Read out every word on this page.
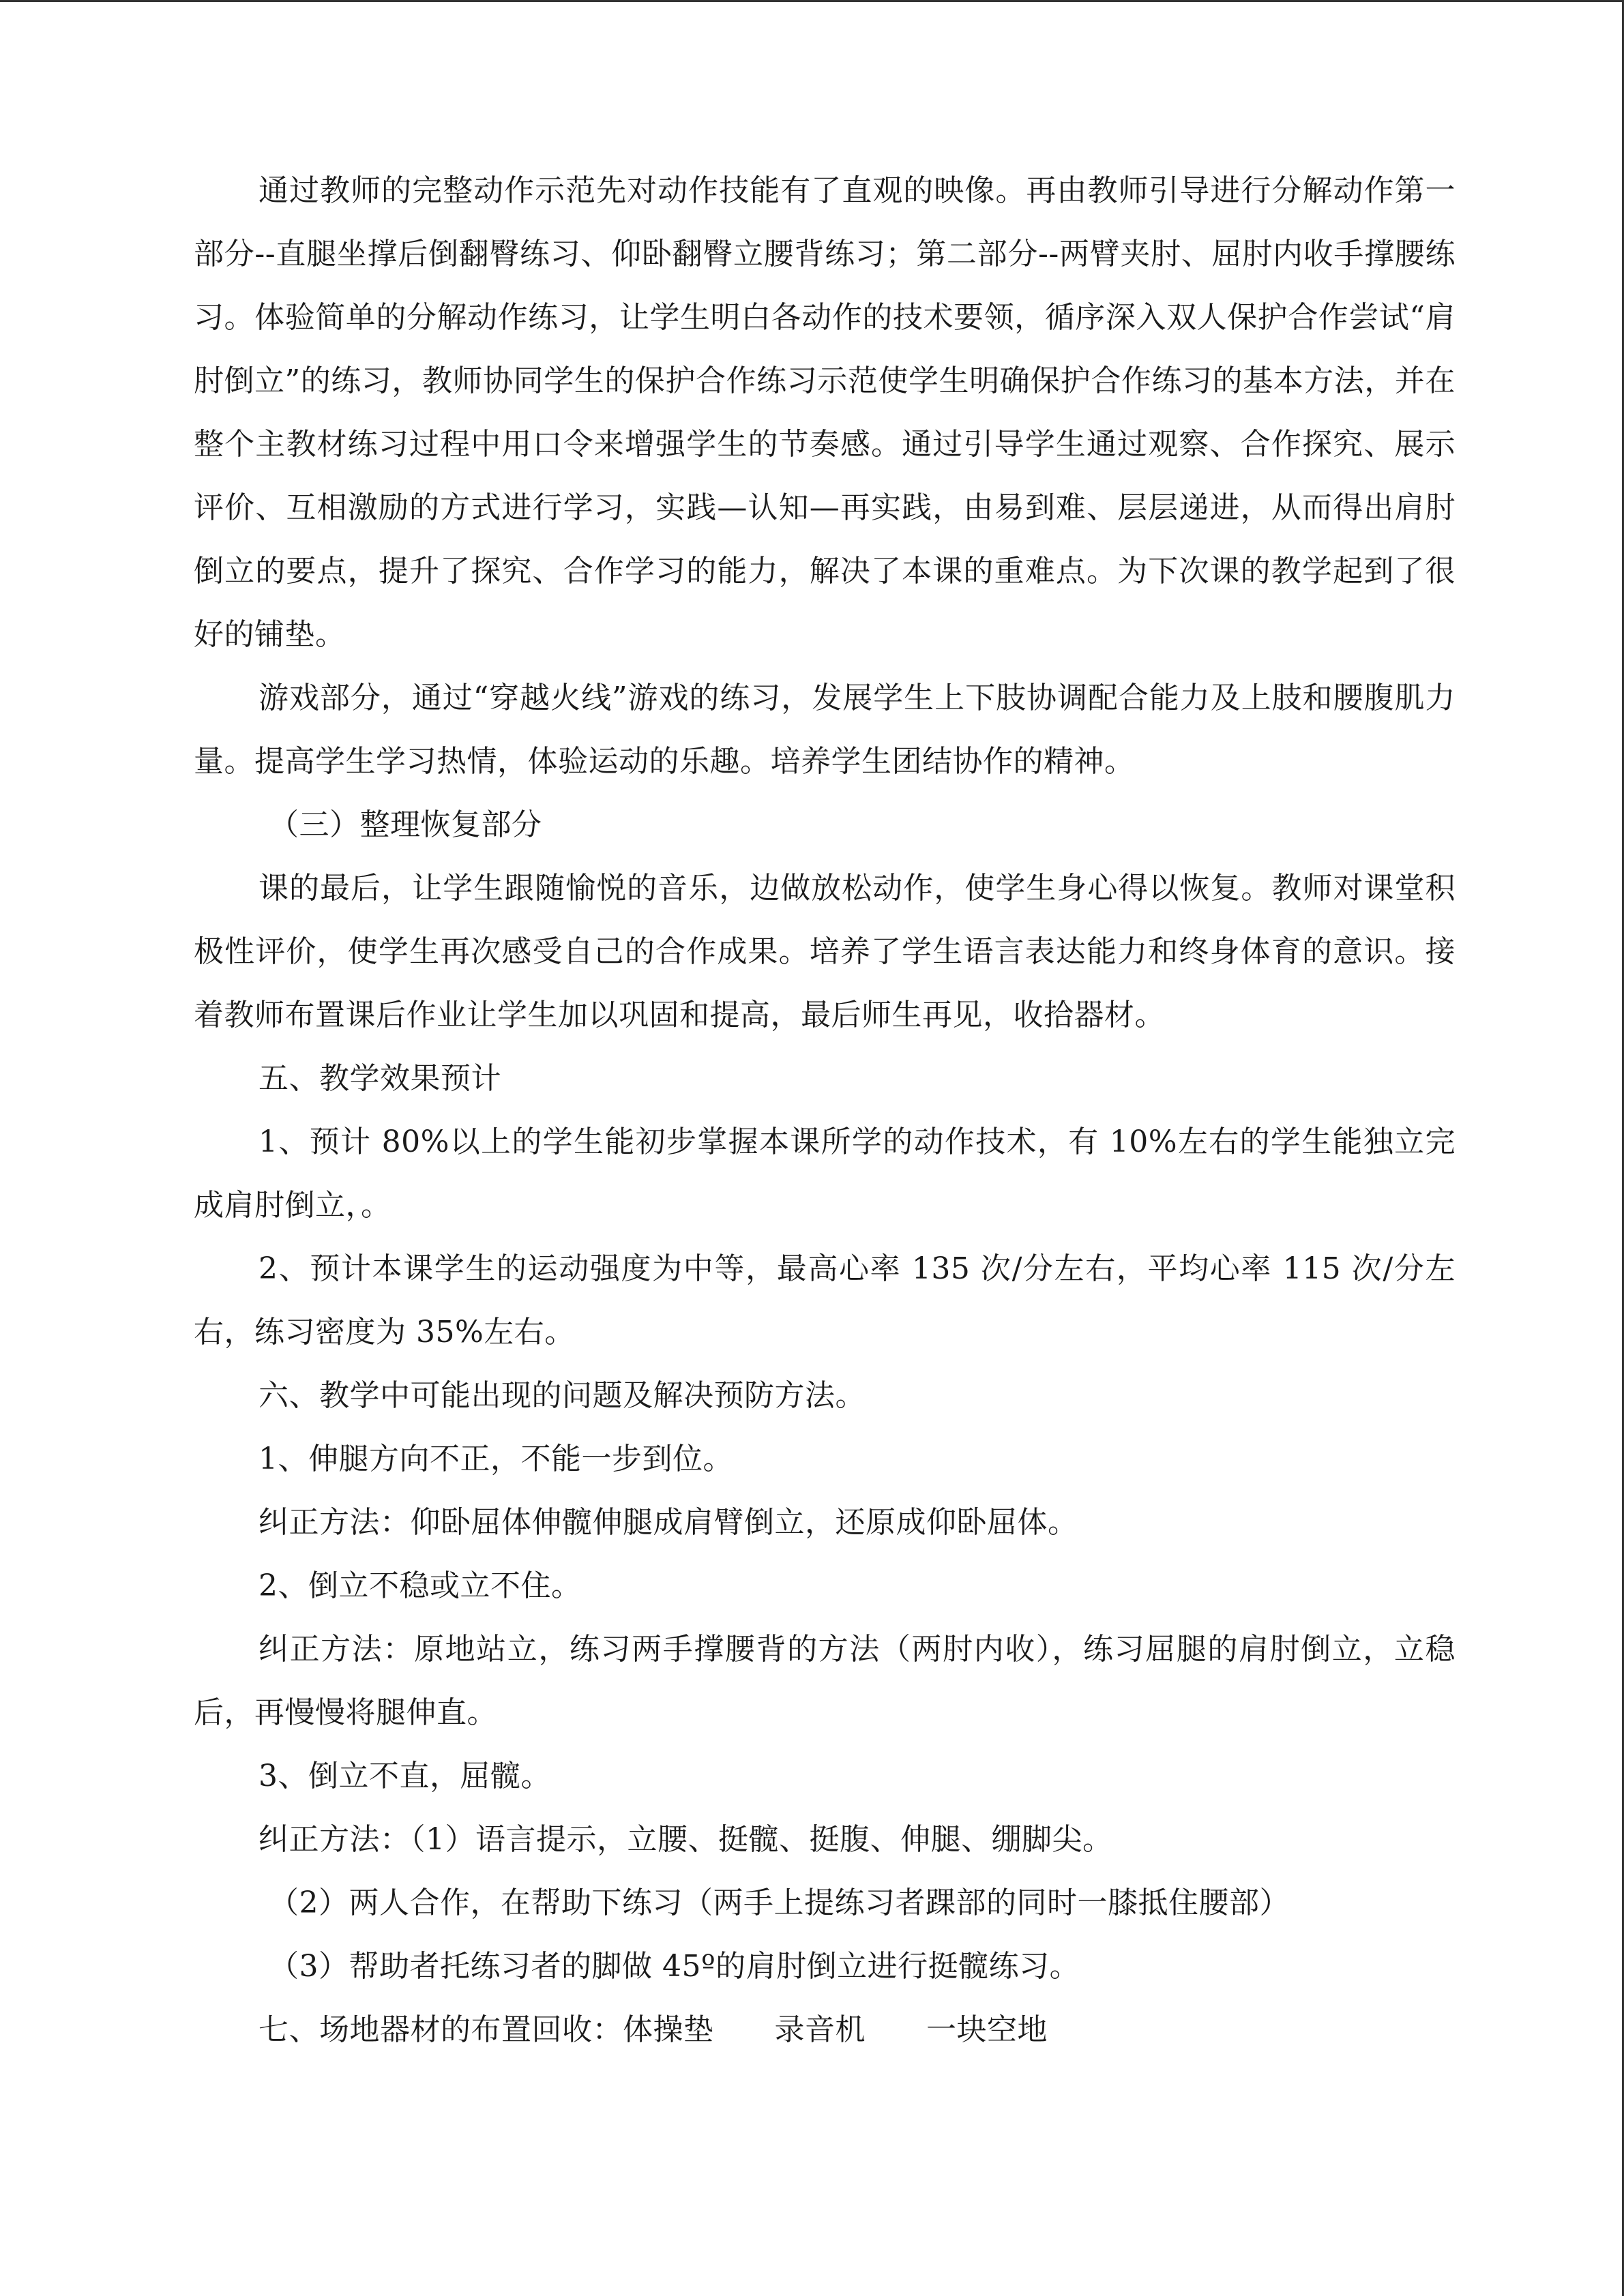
通过教师的完整动作示范先对动作技能有了直观的映像。再由教师引导进行分解动作第一部分--直腿坐撑后倒翻臀练习、仰卧翻臀立腰背练习；第二部分--两臂夹肘、屈肘内收手撑腰练习。体验简单的分解动作练习，让学生明白各动作的技术要领，循序深入双人保护合作尝试“肩肘倒立”的练习，教师协同学生的保护合作练习示范使学生明确保护合作练习的基本方法，并在整个主教材练习过程中用口令来增强学生的节奏感。通过引导学生通过观察、合作探究、展示评价、互相激励的方式进行学习，实践—认知—再实践，由易到难、层层递进，从而得出肩肘倒立的要点，提升了探究、合作学习的能力，解决了本课的重难点。为下次课的教学起到了很好的铺垫。

游戏部分，通过“穿越火线”游戏的练习，发展学生上下肢协调配合能力及上肢和腰腹肌力量。提高学生学习热情，体验运动的乐趣。培养学生团结协作的精神。

（三）整理恢复部分

课的最后，让学生跟随愉悦的音乐，边做放松动作，使学生身心得以恢复。教师对课堂积极性评价，使学生再次感受自己的合作成果。培养了学生语言表达能力和终身体育的意识。接着教师布置课后作业让学生加以巩固和提高，最后师生再见，收拾器材。

五、教学效果预计

1、预计 80%以上的学生能初步掌握本课所学的动作技术，有 10%左右的学生能独立完成肩肘倒立，。

2、预计本课学生的运动强度为中等，最高心率 135 次/分左右，平均心率 115 次/分左右，练习密度为 35%左右。

六、教学中可能出现的问题及解决预防方法。

1、伸腿方向不正，不能一步到位。

纠正方法：仰卧屈体伸髋伸腿成肩臂倒立，还原成仰卧屈体。

2、倒立不稳或立不住。

纠正方法：原地站立，练习两手撑腰背的方法（两肘内收），练习屈腿的肩肘倒立，立稳后，再慢慢将腿伸直。

3、倒立不直，屈髋。

纠正方法：（1）语言提示，立腰、挺髋、挺腹、伸腿、绷脚尖。

（2）两人合作，在帮助下练习（两手上提练习者踝部的同时一膝抵住腰部）

（3）帮助者托练习者的脚做 45º的肩肘倒立进行挺髋练习。

七、场地器材的布置回收：体操垫　　录音机　　一块空地
